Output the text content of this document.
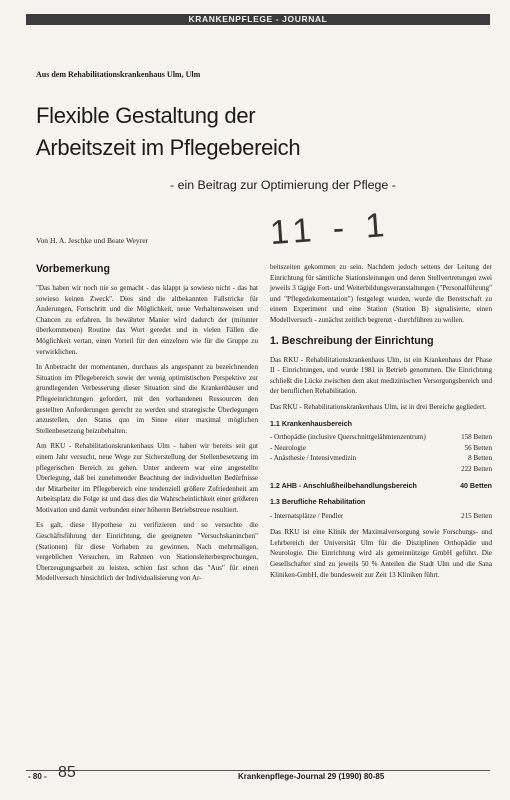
KRANKENPFLEGE - JOURNAL
Aus dem Rehabilitationskrankenhaus Ulm, Ulm
Flexible Gestaltung der
Arbeitszeit im Pflegebereich
- ein Beitrag zur Optimierung der Pflege -
11 - 1
Von H. A. Jeschke und Beate Weyrer
Vorbemerkung

"Das haben wir noch nie so gemacht - das klappt ja sowieso nicht - das hat sowieso keinen Zweck". Dies sind die altbekannten Fallstricke für Änderungen, Fortschritt und die Möglichkeit, neue Verhaltensweisen und Chancen zu erfahren. In bewährter Manier wird dadurch der (mitunter überkommenen) Routine das Wort geredet und in vielen Fällen die Möglichkeit vertan, einen Vorteil für den einzelnen wie für die Gruppe zu verwirklichen.

In Anbetracht der momentanen, durchaus als angespannt zu bezeichnenden Situation im Pflegebereich sowie der wenig optimistischen Perspektive zur grundlegenden Verbesserung dieser Situation sind die Krankenhäuser und Pflegeeinrichtungen gefordert, mit den vorhandenen Ressourcen den gestellten Anforderungen gerecht zu werden und strategische Überlegungen anzustellen, den Status quo im Sinne einer maximal möglichen Stellenbesetzung beizubehalten.

Am RKU - Rehabilitationskrankenhaus Ulm - haben wir bereits seit gut einem Jahr versucht, neue Wege zur Sicherstellung der Stellenbesetzung im pflegerischen Bereich zu gehen. Unter anderem war eine angestellte Überlegung, daß bei zunehmender Beachtung der individuellen Bedürfnisse der Mitarbeiter im Pflegebereich eine tendenziell größere Zufriedenheit am Arbeitsplatz die Folge ist und dass dies die Wahrscheinlichkeit einer größeren Motivation und damit verbunden einer höheren Betriebstreue resultiert.

Es galt, diese Hypothese zu verifizieren und so versuchte die Geschäftsführung der Einrichtung, die geeigneten "Versuchskaninchen" (Stationen) für diese Vorhaben zu gewinnen. Nach mehrmaligen, vergeblichen Versuchen, im Rahmen von Stationsleiterbesprechungen, Überzeugungsarbeit zu leisten, schien fast schon das "Aus" für einen Modellversuch hinsichtlich der Individualisierung von Ar-

beitszeiten gekommen zu sein. Nachdem jedoch seitens der Leitung der Einrichtung für sämtliche Stationsleitungen und deren Stellvertretungen zwei jeweils 3 tägige Fort- und Weiterbildungsveranstaltungen ("Personalführung" und "Pflegedokumentation") festgelegt wurden, wurde die Bereitschaft zu einem Experiment und eine Station (Station B) signalisierte, einen Modellversuch - zunächst zeitlich begrenzt - durchführen zu wollen.

1. Beschreibung der Einrichtung

Das RKU - Rehabilitationskrankenhaus Ulm, ist ein Krankenhaus der Phase II - Einrichtungen, und wurde 1981 in Betrieb genommen. Die Einrichtung schließt die Lücke zwischen dem akut medizinischen Versorgungsbereich und der beruflichen Rehabilitation.

Das RKU - Rehabilitationskrankenhaus Ulm, ist in drei Bereiche gegliedert.

1.1 Krankenhausbereich
- Orthopädie (inclusive Querschnittgelähmtenzentrum)	158 Betten
- Neurologie	56 Betten
- Anästhesie / Intensivmedizin	8 Betten
222 Betten
1.2 AHB - Anschlußheilbehandlungsbereich	40 Betten
1.3 Berufliche Rehabilitation
- Internatsplätze / Pendler	215 Betten

Das RKU ist eine Klinik der Maximalversorgung sowie Forschungs- und Lehrbereich der Universität Ulm für die Disziplinen Orthopädie und Neurologie. Die Einrichtung wird als gemeinnützige GmbH geführt. Die Gesellschafter sind zu jeweils 50 % Anteilen die Stadt Ulm und die Sana Kliniken-GmbH, die bundesweit zur Zeit 13 Kliniken führt.

- 80 - 85	Krankenpflege-Journal 29 (1990) 80-85
